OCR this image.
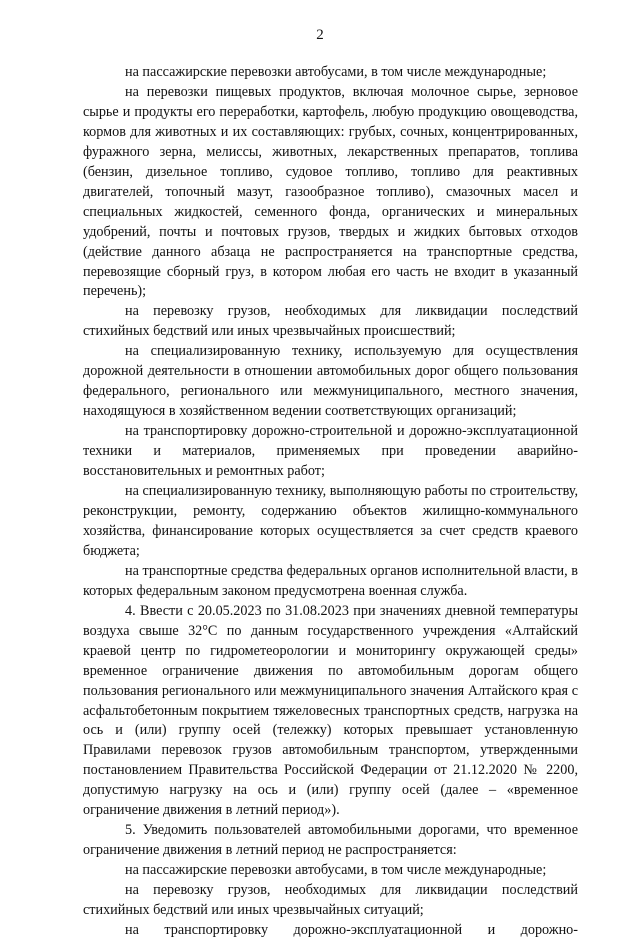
2

на пассажирские перевозки автобусами, в том числе международные;

на перевозки пищевых продуктов, включая молочное сырье, зерновое сырье и продукты его переработки, картофель, любую продукцию овощеводства, кормов для животных и их составляющих: грубых, сочных, концентрированных, фуражного зерна, мелиссы, животных, лекарственных препаратов, топлива (бензин, дизельное топливо, судовое топливо, топливо для реактивных двигателей, топочный мазут, газообразное топливо), смазочных масел и специальных жидкостей, семенного фонда, органических и минеральных удобрений, почты и почтовых грузов, твердых и жидких бытовых отходов (действие данного абзаца не распространяется на транспортные средства, перевозящие сборный груз, в котором любая его часть не входит в указанный перечень);

на перевозку грузов, необходимых для ликвидации последствий стихийных бедствий или иных чрезвычайных происшествий;

на специализированную технику, используемую для осуществления дорожной деятельности в отношении автомобильных дорог общего пользования федерального, регионального или межмуниципального, местного значения, находящуюся в хозяйственном ведении соответствующих организаций;

на транспортировку дорожно-строительной и дорожно-эксплуатационной техники и материалов, применяемых при проведении аварийно-восстановительных и ремонтных работ;

на специализированную технику, выполняющую работы по строительству, реконструкции, ремонту, содержанию объектов жилищно-коммунального хозяйства, финансирование которых осуществляется за счет средств краевого бюджета;

на транспортные средства федеральных органов исполнительной власти, в которых федеральным законом предусмотрена военная служба.

4. Ввести с 20.05.2023 по 31.08.2023 при значениях дневной температуры воздуха свыше 32°С по данным государственного учреждения «Алтайский краевой центр по гидрометеорологии и мониторингу окружающей среды» временное ограничение движения по автомобильным дорогам общего пользования регионального или межмуниципального значения Алтайского края с асфальтобетонным покрытием тяжеловесных транспортных средств, нагрузка на ось и (или) группу осей (тележку) которых превышает установленную Правилами перевозок грузов автомобильным транспортом, утвержденными постановлением Правительства Российской Федерации от 21.12.2020 № 2200, допустимую нагрузку на ось и (или) группу осей (далее – «временное ограничение движения в летний период»).

5. Уведомить пользователей автомобильными дорогами, что временное ограничение движения в летний период не распространяется:

на пассажирские перевозки автобусами, в том числе международные;

на перевозку грузов, необходимых для ликвидации последствий стихийных бедствий или иных чрезвычайных ситуаций;

на транспортировку дорожно-эксплуатационной и дорожно-
